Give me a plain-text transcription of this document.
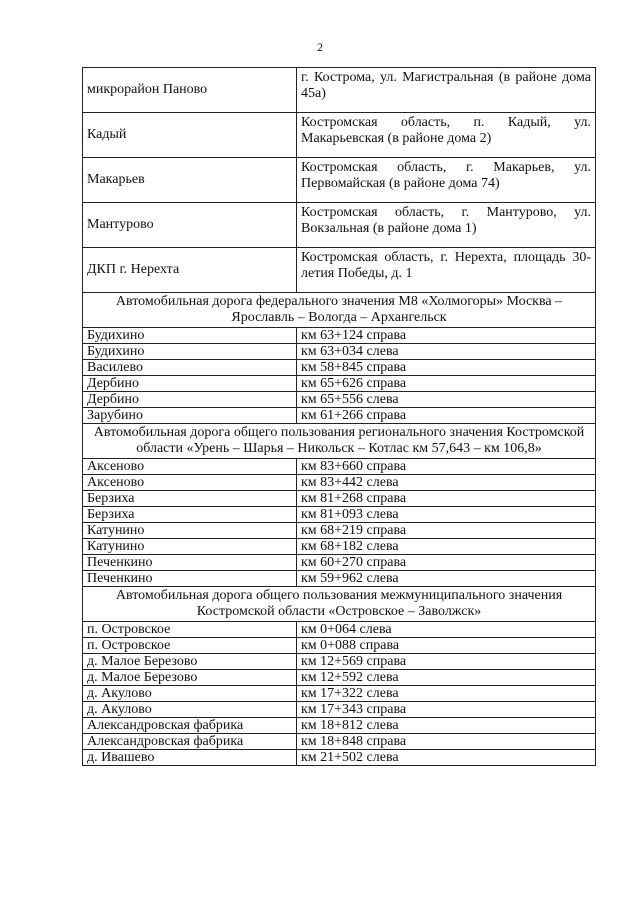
2
микрорайон Паново	г. Кострома, ул. Магистральная (в районе дома 45а)
Кадый	Костромская область, п. Кадый, ул. Макарьевская (в районе дома 2)
Макарьев	Костромская область, г. Макарьев, ул. Первомайская (в районе дома 74)
Мантурово	Костромская область, г. Мантурово, ул. Вокзальная (в районе дома 1)
ДКП г. Нерехта	Костромская область, г. Нерехта, площадь 30-летия Победы, д. 1
Автомобильная дорога федерального значения М8 «Холмогоры» Москва – Ярославль – Вологда – Архангельск	
Будихино	км 63+124 справа
Будихино	км 63+034 слева
Василево	км 58+845 справа
Дербино	км 65+626 справа
Дербино	км 65+556 слева
Зарубино	км 61+266 справа
Автомобильная дорога общего пользования регионального значения Костромской области «Урень – Шарья – Никольск – Котлас км 57,643 – км 106,8»	
Аксеново	км 83+660 справа
Аксеново	км 83+442 слева
Берзиха	км 81+268 справа
Берзиха	км 81+093 слева
Катунино	км 68+219 справа
Катунино	км 68+182 слева
Печенкино	км 60+270 справа
Печенкино	км 59+962 слева
Автомобильная дорога общего пользования межмуниципального значения Костромской области «Островское – Заволжск»	
п. Островское	км 0+064 слева
п. Островское	км 0+088 справа
д. Малое Березово	км 12+569 справа
д. Малое Березово	км 12+592 слева
д. Акулово	км 17+322 слева
д. Акулово	км 17+343 справа
Александровская фабрика	км 18+812 слева
Александровская фабрика	км 18+848 справа
д. Ивашево	км 21+502 слева
